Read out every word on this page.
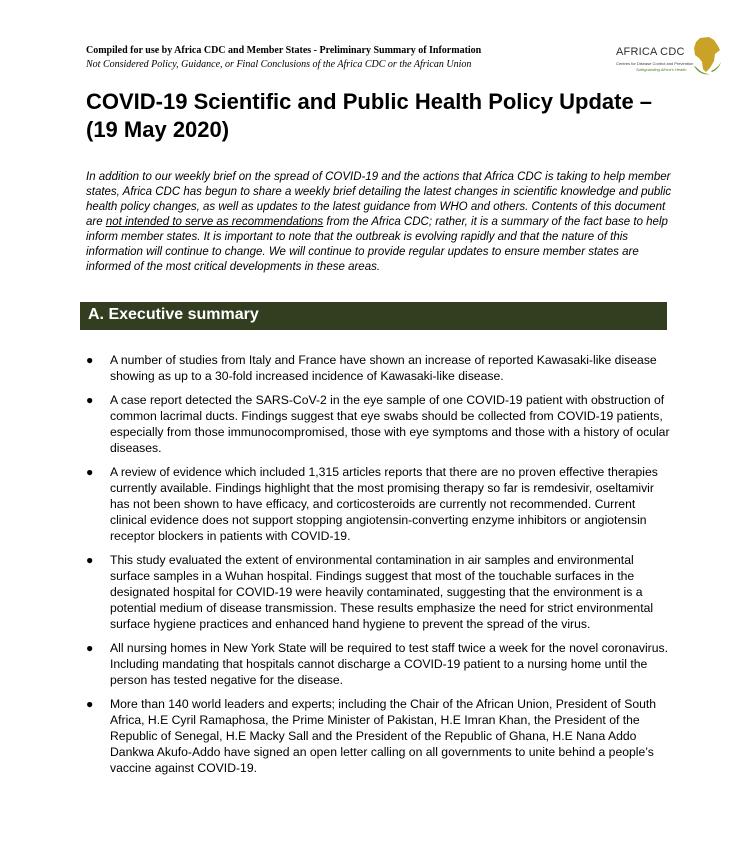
Compiled for use by Africa CDC and Member States - Preliminary Summary of Information
Not Considered Policy, Guidance, or Final Conclusions of the Africa CDC or the African Union
AFRICA CDC
Centres for Disease Control and Prevention
Safeguarding Africa's Health
COVID-19 Scientific and Public Health Policy Update – (19 May 2020)
In addition to our weekly brief on the spread of COVID-19 and the actions that Africa CDC is taking to help member states, Africa CDC has begun to share a weekly brief detailing the latest changes in scientific knowledge and public health policy changes, as well as updates to the latest guidance from WHO and others. Contents of this document are not intended to serve as recommendations from the Africa CDC; rather, it is a summary of the fact base to help inform member states. It is important to note that the outbreak is evolving rapidly and that the nature of this information will continue to change. We will continue to provide regular updates to ensure member states are informed of the most critical developments in these areas.
A. Executive summary
● A number of studies from Italy and France have shown an increase of reported Kawasaki-like disease showing as up to a 30-fold increased incidence of Kawasaki-like disease.
● A case report detected the SARS-CoV-2 in the eye sample of one COVID-19 patient with obstruction of common lacrimal ducts. Findings suggest that eye swabs should be collected from COVID-19 patients, especially from those immunocompromised, those with eye symptoms and those with a history of ocular diseases.
● A review of evidence which included 1,315 articles reports that there are no proven effective therapies currently available. Findings highlight that the most promising therapy so far is remdesivir, oseltamivir has not been shown to have efficacy, and corticosteroids are currently not recommended. Current clinical evidence does not support stopping angiotensin-converting enzyme inhibitors or angiotensin receptor blockers in patients with COVID-19.
● This study evaluated the extent of environmental contamination in air samples and environmental surface samples in a Wuhan hospital. Findings suggest that most of the touchable surfaces in the designated hospital for COVID-19 were heavily contaminated, suggesting that the environment is a potential medium of disease transmission. These results emphasize the need for strict environmental surface hygiene practices and enhanced hand hygiene to prevent the spread of the virus.
● All nursing homes in New York State will be required to test staff twice a week for the novel coronavirus. Including mandating that hospitals cannot discharge a COVID-19 patient to a nursing home until the person has tested negative for the disease.
● More than 140 world leaders and experts; including the Chair of the African Union, President of South Africa, H.E Cyril Ramaphosa, the Prime Minister of Pakistan, H.E Imran Khan, the President of the Republic of Senegal, H.E Macky Sall and the President of the Republic of Ghana, H.E Nana Addo Dankwa Akufo-Addo have signed an open letter calling on all governments to unite behind a people’s vaccine against COVID-19.
